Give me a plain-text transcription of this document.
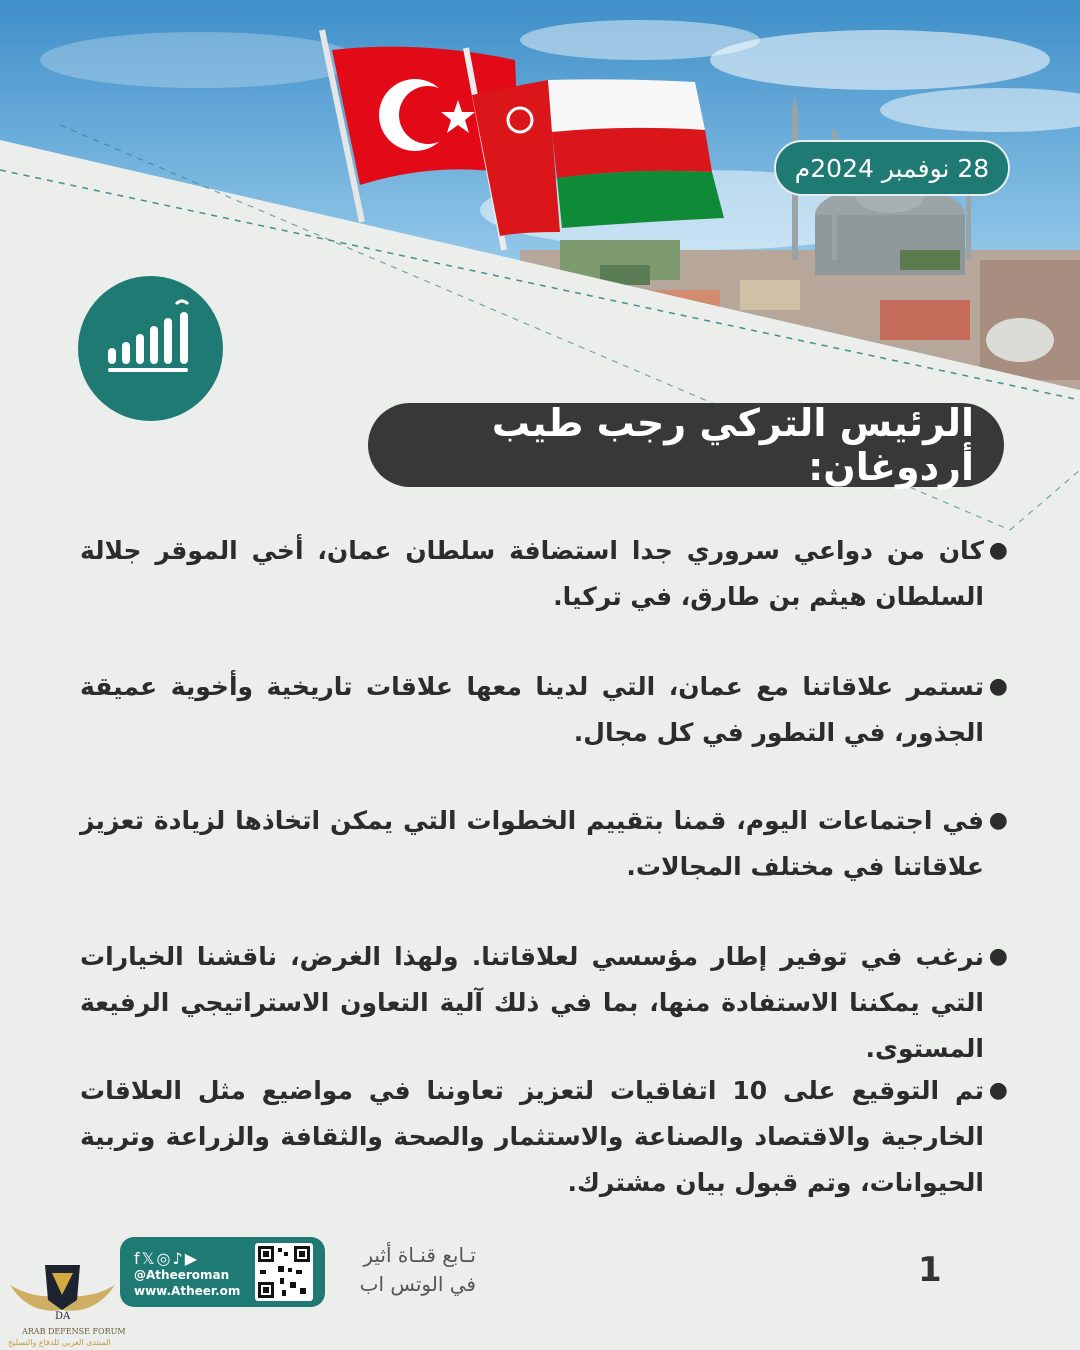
28 نوفمبر 2024م
الرئيس التركي رجب طيب أردوغان:

●
كان من دواعي سروري جدا استضافة سلطان عمان، أخي الموقر جلالة السلطان هيثم بن طارق، في تركيا.

●
تستمر علاقاتنا مع عمان، التي لدينا معها علاقات تاريخية وأخوية عميقة الجذور، في التطور في كل مجال.

●
في اجتماعات اليوم، قمنا بتقييم الخطوات التي يمكن اتخاذها لزيادة تعزيز علاقاتنا في مختلف المجالات.

●
نرغب في توفير إطار مؤسسي لعلاقاتنا. ولهذا الغرض، ناقشنا الخيارات التي يمكننا الاستفادة منها، بما في ذلك آلية التعاون الاستراتيجي الرفيعة المستوى.

●
تم التوقيع على 10 اتفاقيات لتعزيز تعاوننا في مواضيع مثل العلاقات الخارجية والاقتصاد والصناعة والاستثمار والصحة والثقافة والزراعة وتربية الحيوانات، وتم قبول بيان مشترك.

f𝕏◎♪▶
@Atheeroman
www.Atheer.om
تـابع قنـاة أثير
في الوتس اب	1
DA
ARAB DEFENSE FORUM
المنتدى العربي للدفاع والتسليح
